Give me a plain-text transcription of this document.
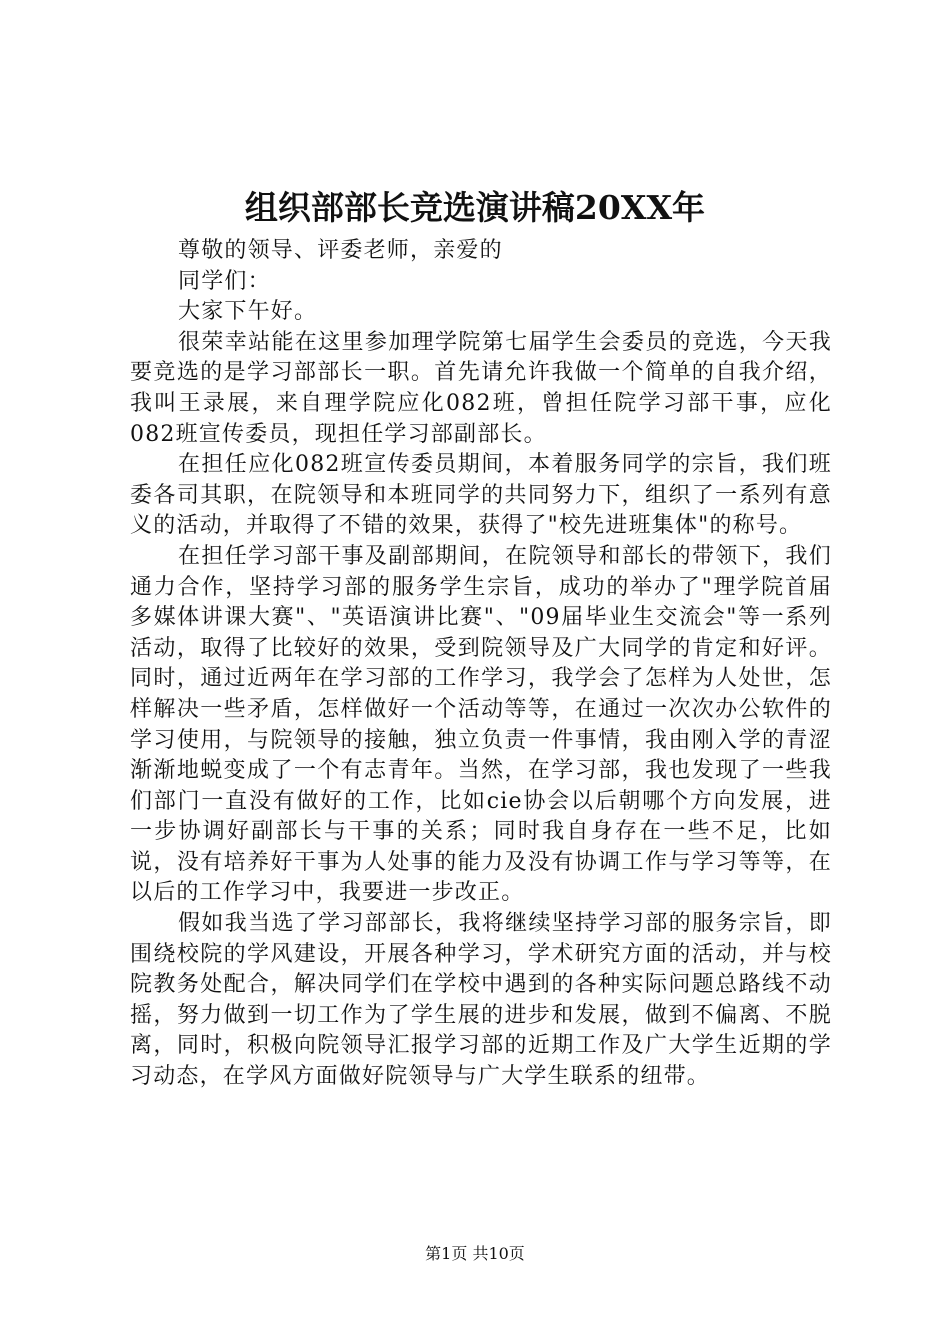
组织部部长竞选演讲稿20XX年

尊敬的领导、评委老师，亲爱的

同学们：

大家下午好。

很荣幸站能在这里参加理学院第七届学生会委员的竞选，今天我要竞选的是学习部部长一职。首先请允许我做一个简单的自我介绍，我叫王录展，来自理学院应化082班，曾担任院学习部干事，应化082班宣传委员，现担任学习部副部长。

在担任应化082班宣传委员期间，本着服务同学的宗旨，我们班委各司其职，在院领导和本班同学的共同努力下，组织了一系列有意义的活动，并取得了不错的效果，获得了"校先进班集体"的称号。

在担任学习部干事及副部期间，在院领导和部长的带领下，我们通力合作，坚持学习部的服务学生宗旨，成功的举办了"理学院首届多媒体讲课大赛"、"英语演讲比赛"、"09届毕业生交流会"等一系列活动，取得了比较好的效果，受到院领导及广大同学的肯定和好评。同时，通过近两年在学习部的工作学习，我学会了怎样为人处世，怎样解决一些矛盾，怎样做好一个活动等等，在通过一次次办公软件的学习使用，与院领导的接触，独立负责一件事情，我由刚入学的青涩渐渐地蜕变成了一个有志青年。当然，在学习部，我也发现了一些我们部门一直没有做好的工作，比如cie协会以后朝哪个方向发展，进一步协调好副部长与干事的关系；同时我自身存在一些不足，比如说，没有培养好干事为人处事的能力及没有协调工作与学习等等，在以后的工作学习中，我要进一步改正。

假如我当选了学习部部长，我将继续坚持学习部的服务宗旨，即围绕校院的学风建设，开展各种学习，学术研究方面的活动，并与校院教务处配合，解决同学们在学校中遇到的各种实际问题总路线不动摇，努力做到一切工作为了学生展的进步和发展，做到不偏离、不脱离，同时，积极向院领导汇报学习部的近期工作及广大学生近期的学习动态，在学风方面做好院领导与广大学生联系的纽带。

第1页 共10页
